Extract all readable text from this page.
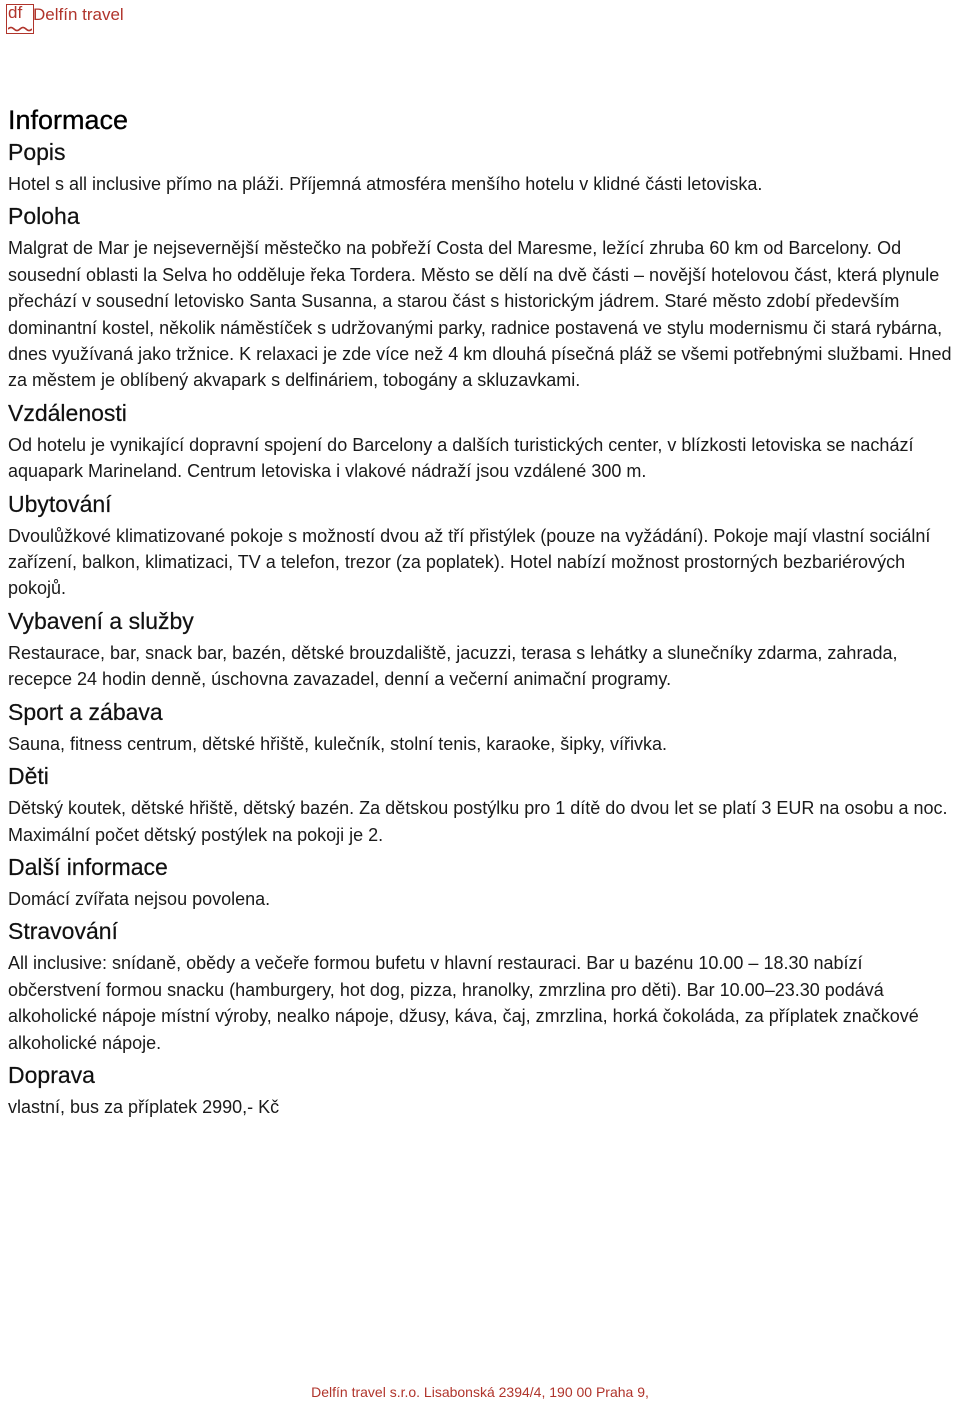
df Delfín travel
Informace
Popis

Hotel s all inclusive přímo na pláži. Příjemná atmosféra menšího hotelu v klidné části letoviska.

Poloha

Malgrat de Mar je nejsevernější městečko na pobřeží Costa del Maresme, ležící zhruba 60 km od Barcelony. Od sousední oblasti la Selva ho odděluje řeka Tordera. Město se dělí na dvě části – novější hotelovou část, která plynule přechází v sousední letovisko Santa Susanna, a starou část s historickým jádrem. Staré město zdobí především dominantní kostel, několik náměstíček s udržovanými parky, radnice postavená ve stylu modernismu či stará rybárna, dnes využívaná jako tržnice. K relaxaci je zde více než 4 km dlouhá písečná pláž se všemi potřebnými službami. Hned za městem je oblíbený akvapark s delfináriem, tobogány a skluzavkami.

Vzdálenosti

Od hotelu je vynikající dopravní spojení do Barcelony a dalších turistických center, v blízkosti letoviska se nachází aquapark Marineland. Centrum letoviska i vlakové nádraží jsou vzdálené 300 m.

Ubytování

Dvoulůžkové klimatizované pokoje s možností dvou až tří přistýlek (pouze na vyžádání). Pokoje mají vlastní sociální zařízení, balkon, klimatizaci, TV a telefon, trezor (za poplatek). Hotel nabízí možnost prostorných bezbariérových pokojů.

Vybavení a služby

Restaurace, bar, snack bar, bazén, dětské brouzdaliště, jacuzzi, terasa s lehátky a slunečníky zdarma, zahrada, recepce 24 hodin denně, úschovna zavazadel, denní a večerní animační programy.

Sport a zábava

Sauna, fitness centrum, dětské hřiště, kulečník, stolní tenis, karaoke, šipky, vířivka.

Děti

Dětský koutek, dětské hřiště, dětský bazén. Za dětskou postýlku pro 1 dítě do dvou let se platí 3 EUR na osobu a noc. Maximální počet dětský postýlek na pokoji je 2.

Další informace

Domácí zvířata nejsou povolena.

Stravování

All inclusive: snídaně, obědy a večeře formou bufetu v hlavní restauraci. Bar u bazénu 10.00 – 18.30 nabízí občerstvení formou snacku (hamburgery, hot dog, pizza, hranolky, zmrzlina pro děti). Bar 10.00–23.30 podává alkoholické nápoje místní výroby, nealko nápoje, džusy, káva, čaj, zmrzlina, horká čokoláda, za příplatek značkové alkoholické nápoje.

Doprava

vlastní, bus za příplatek 2990,- Kč

Delfín travel s.r.o. Lisabonská 2394/4, 190 00 Praha 9,
